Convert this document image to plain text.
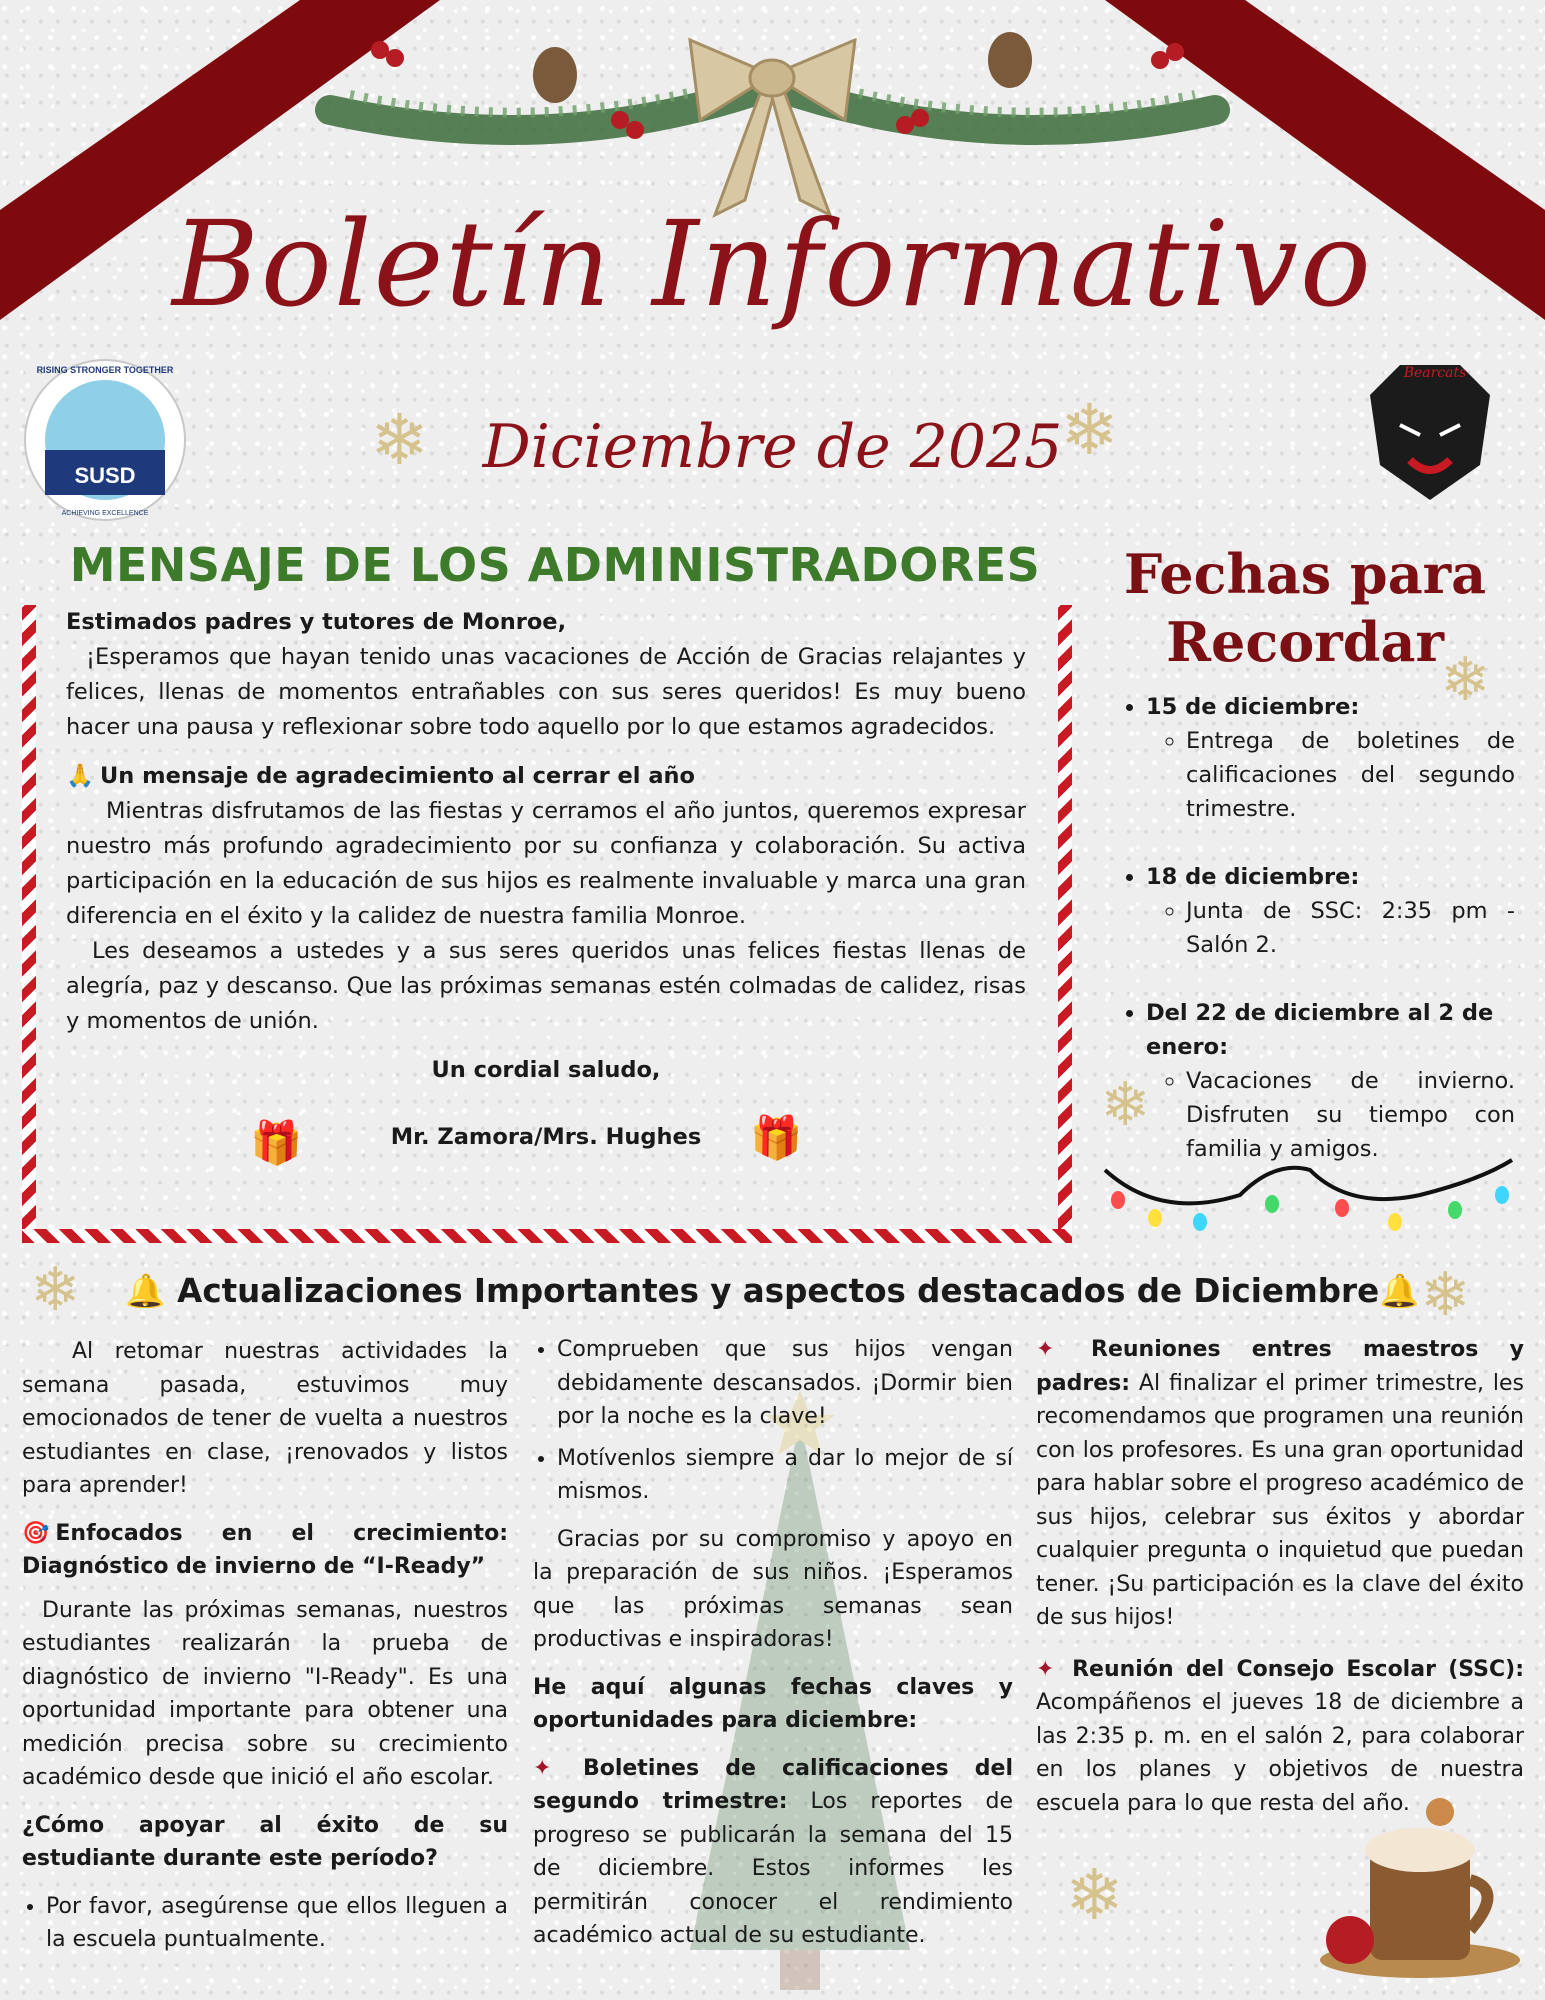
SUSD
RISING STRONGER TOGETHER
ACHIEVING EXCELLENCE
Bearcats
Boletín Informativo
Diciembre de 2025
❄	❄
❄
❄
❄	❄
❄
MENSAJE DE LOS ADMINISTRADORES

Estimados padres y tutores de Monroe,

¡Esperamos que hayan tenido unas vacaciones de Acción de Gracias relajantes y felices, llenas de momentos entrañables con sus seres queridos! Es muy bueno hacer una pausa y reflexionar sobre todo aquello por lo que estamos agradecidos.

🙏 Un mensaje de agradecimiento al cerrar el año

Mientras disfrutamos de las fiestas y cerramos el año juntos, queremos expresar nuestro más profundo agradecimiento por su confianza y colaboración. Su activa participación en la educación de sus hijos es realmente invaluable y marca una gran diferencia en el éxito y la calidez de nuestra familia Monroe.

Les deseamos a ustedes y a sus seres queridos unas felices fiestas llenas de alegría, paz y descanso. Que las próximas semanas estén colmadas de calidez, risas y momentos de unión.

Un cordial saludo,

Mr. Zamora/Mrs. Hughes

🎁	🎁
Fechas para Recordar
• 15 de diciembre:
◦ Entrega de boletines de calificaciones del segundo trimestre.
• 18 de diciembre:
◦ Junta de SSC: 2:35 pm - Salón 2.
• Del 22 de diciembre al 2 de enero:
◦ Vacaciones de invierno. Disfruten su tiempo con familia y amigos.
🔔 Actualizaciones Importantes y aspectos destacados de Diciembre🔔

Al retomar nuestras actividades la semana pasada, estuvimos muy emocionados de tener de vuelta a nuestros estudiantes en clase, ¡renovados y listos para aprender!

🎯 Enfocados en el crecimiento: Diagnóstico de invierno de “I-Ready”

Durante las próximas semanas, nuestros estudiantes realizarán la prueba de diagnóstico de invierno "I-Ready". Es una oportunidad importante para obtener una medición precisa sobre su crecimiento académico desde que inició el año escolar.

¿Cómo apoyar al éxito de su estudiante durante este período?

• Por favor, asegúrense que ellos lleguen a la escuela puntualmente.
• Comprueben que sus hijos vengan debidamente descansados. ¡Dormir bien por la noche es la clave!
• Motívenlos siempre a dar lo mejor de sí mismos.

Gracias por su compromiso y apoyo en la preparación de sus niños. ¡Esperamos que las próximas semanas sean productivas e inspiradoras!

He aquí algunas fechas claves y oportunidades para diciembre:

✦ Boletines de calificaciones del segundo trimestre: Los reportes de progreso se publicarán la semana del 15 de diciembre. Estos informes les permitirán conocer el rendimiento académico actual de su estudiante.

✦ Reuniones entres maestros y padres: Al finalizar el primer trimestre, les recomendamos que programen una reunión con los profesores. Es una gran oportunidad para hablar sobre el progreso académico de sus hijos, celebrar sus éxitos y abordar cualquier pregunta o inquietud que puedan tener. ¡Su participación es la clave del éxito de sus hijos!

✦ Reunión del Consejo Escolar (SSC): Acompáñenos el jueves 18 de diciembre a las 2:35 p. m. en el salón 2, para colaborar en los planes y objetivos de nuestra escuela para lo que resta del año.
